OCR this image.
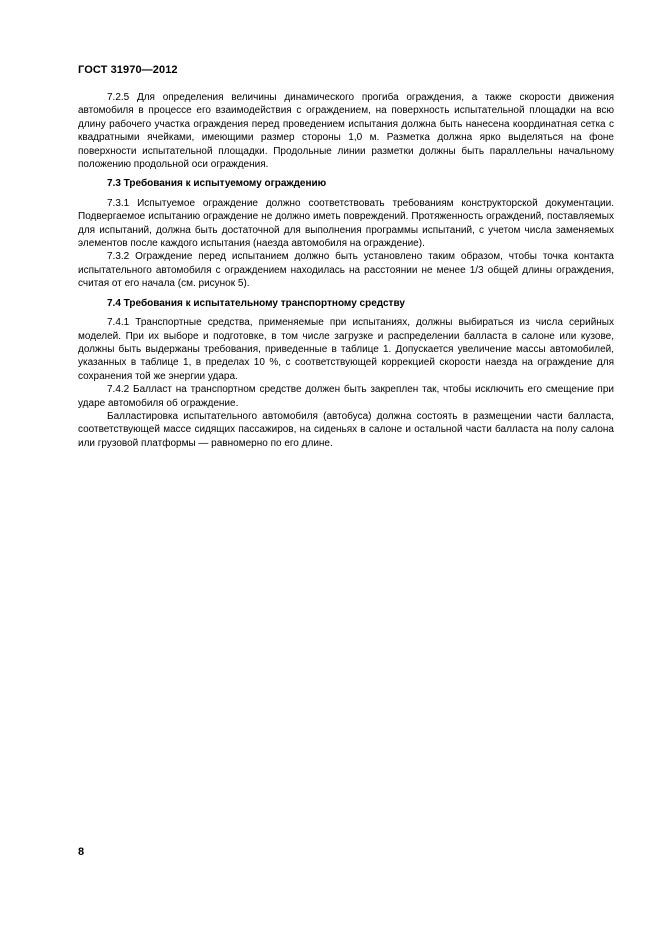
ГОСТ 31970—2012

7.2.5 Для определения величины динамического прогиба ограждения, а также скорости движения автомобиля в процессе его взаимодействия с ограждением, на поверхность испытательной площадки на всю длину рабочего участка ограждения перед проведением испытания должна быть нанесена координатная сетка с квадратными ячейками, имеющими размер стороны 1,0 м. Разметка должна ярко выделяться на фоне поверхности испытательной площадки. Продольные линии разметки должны быть параллельны начальному положению продольной оси ограждения.

7.3 Требования к испытуемому ограждению

7.3.1 Испытуемое ограждение должно соответствовать требованиям конструкторской документации. Подвергаемое испытанию ограждение не должно иметь повреждений. Протяженность ограждений, поставляемых для испытаний, должна быть достаточной для выполнения программы испытаний, с учетом числа заменяемых элементов после каждого испытания (наезда автомобиля на ограждение).

7.3.2 Ограждение перед испытанием должно быть установлено таким образом, чтобы точка контакта испытательного автомобиля с ограждением находилась на расстоянии не менее 1/3 общей длины ограждения, считая от его начала (см. рисунок 5).

7.4 Требования к испытательному транспортному средству

7.4.1 Транспортные средства, применяемые при испытаниях, должны выбираться из числа серийных моделей. При их выборе и подготовке, в том числе загрузке и распределении балласта в салоне или кузове, должны быть выдержаны требования, приведенные в таблице 1. Допускается увеличение массы автомобилей, указанных в таблице 1, в пределах 10 %, с соответствующей коррекцией скорости наезда на ограждение для сохранения той же энергии удара.

7.4.2 Балласт на транспортном средстве должен быть закреплен так, чтобы исключить его смещение при ударе автомобиля об ограждение.

Балластировка испытательного автомобиля (автобуса) должна состоять в размещении части балласта, соответствующей массе сидящих пассажиров, на сиденьях в салоне и остальной части балласта на полу салона или грузовой платформы — равномерно по его длине.

8
